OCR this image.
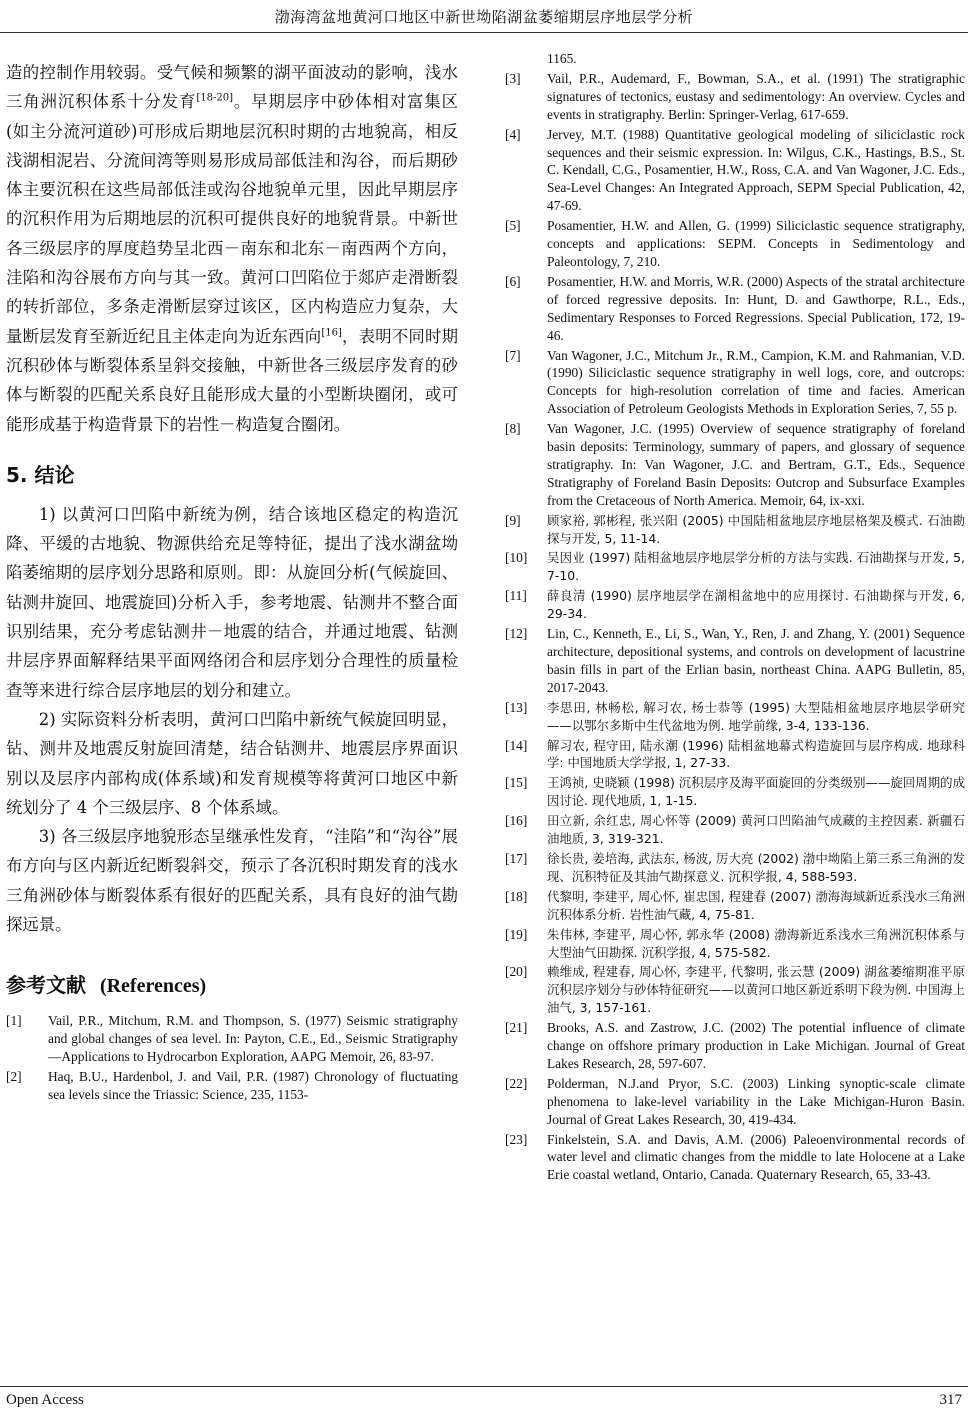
渤海湾盆地黄河口地区中新世坳陷湖盆萎缩期层序地层学分析

造的控制作用较弱。受气候和频繁的湖平面波动的影响，浅水三角洲沉积体系十分发育[18-20]。早期层序中砂体相对富集区(如主分流河道砂)可形成后期地层沉积时期的古地貌高，相反浅湖相泥岩、分流间湾等则易形成局部低洼和沟谷，而后期砂体主要沉积在这些局部低洼或沟谷地貌单元里，因此早期层序的沉积作用为后期地层的沉积可提供良好的地貌背景。中新世各三级层序的厚度趋势呈北西－南东和北东－南西两个方向，洼陷和沟谷展布方向与其一致。黄河口凹陷位于郯庐走滑断裂的转折部位，多条走滑断层穿过该区，区内构造应力复杂，大量断层发育至新近纪且主体走向为近东西向[16]，表明不同时期沉积砂体与断裂体系呈斜交接触，中新世各三级层序发育的砂体与断裂的匹配关系良好且能形成大量的小型断块圈闭，或可能形成基于构造背景下的岩性－构造复合圈闭。

5. 结论

1) 以黄河口凹陷中新统为例，结合该地区稳定的构造沉降、平缓的古地貌、物源供给充足等特征，提出了浅水湖盆坳陷萎缩期的层序划分思路和原则。即：从旋回分析(气候旋回、钻测井旋回、地震旋回)分析入手，参考地震、钻测井不整合面识别结果，充分考虑钻测井－地震的结合，并通过地震、钻测井层序界面解释结果平面网络闭合和层序划分合理性的质量检查等来进行综合层序地层的划分和建立。

2) 实际资料分析表明，黄河口凹陷中新统气候旋回明显，钻、测井及地震反射旋回清楚，结合钻测井、地震层序界面识别以及层序内部构成(体系域)和发育规模等将黄河口地区中新统划分了 4 个三级层序、8 个体系域。

3) 各三级层序地貌形态呈继承性发育，“洼陷”和“沟谷”展布方向与区内新近纪断裂斜交，预示了各沉积时期发育的浅水三角洲砂体与断裂体系有很好的匹配关系，具有良好的油气勘探远景。

参考文献 (References)
[1] Vail, P.R., Mitchum, R.M. and Thompson, S. (1977) Seismic stratigraphy and global changes of sea level. In: Payton, C.E., Ed., Seismic Stratigraphy—Applications to Hydrocarbon Exploration, AAPG Memoir, 26, 83-97.
[2] Haq, B.U., Hardenbol, J. and Vail, P.R. (1987) Chronology of fluctuating sea levels since the Triassic: Science, 235, 1153-
1165.
[3] Vail, P.R., Audemard, F., Bowman, S.A., et al. (1991) The stratigraphic signatures of tectonics, eustasy and sedimentology: An overview. Cycles and events in stratigraphy. Berlin: Springer-Verlag, 617-659.
[4] Jervey, M.T. (1988) Quantitative geological modeling of siliciclastic rock sequences and their seismic expression. In: Wilgus, C.K., Hastings, B.S., St. C. Kendall, C.G., Posamentier, H.W., Ross, C.A. and Van Wagoner, J.C. Eds., Sea-Level Changes: An Integrated Approach, SEPM Special Publication, 42, 47-69.
[5] Posamentier, H.W. and Allen, G. (1999) Siliciclastic sequence stratigraphy, concepts and applications: SEPM. Concepts in Sedimentology and Paleontology, 7, 210.
[6] Posamentier, H.W. and Morris, W.R. (2000) Aspects of the stratal architecture of forced regressive deposits. In: Hunt, D. and Gawthorpe, R.L., Eds., Sedimentary Responses to Forced Regressions. Special Publication, 172, 19-46.
[7] Van Wagoner, J.C., Mitchum Jr., R.M., Campion, K.M. and Rahmanian, V.D. (1990) Siliciclastic sequence stratigraphy in well logs, core, and outcrops: Concepts for high-resolution correlation of time and facies. American Association of Petroleum Geologists Methods in Exploration Series, 7, 55 p.
[8] Van Wagoner, J.C. (1995) Overview of sequence stratigraphy of foreland basin deposits: Terminology, summary of papers, and glossary of sequence stratigraphy. In: Van Wagoner, J.C. and Bertram, G.T., Eds., Sequence Stratigraphy of Foreland Basin Deposits: Outcrop and Subsurface Examples from the Cretaceous of North America. Memoir, 64, ix-xxi.
[9] 顾家裕, 郭彬程, 张兴阳 (2005) 中国陆相盆地层序地层格架及模式. 石油勘探与开发, 5, 11-14.
[10] 吴因业 (1997) 陆相盆地层序地层学分析的方法与实践. 石油勘探与开发, 5, 7-10.
[11] 薛良清 (1990) 层序地层学在湖相盆地中的应用探讨. 石油勘探与开发, 6, 29-34.
[12] Lin, C., Kenneth, E., Li, S., Wan, Y., Ren, J. and Zhang, Y. (2001) Sequence architecture, depositional systems, and controls on development of lacustrine basin fills in part of the Erlian basin, northeast China. AAPG Bulletin, 85, 2017-2043.
[13] 李思田, 林畅松, 解习农, 杨士恭等 (1995) 大型陆相盆地层序地层学研究——以鄂尔多斯中生代盆地为例. 地学前缘, 3-4, 133-136.
[14] 解习农, 程守田, 陆永潮 (1996) 陆相盆地幕式构造旋回与层序构成. 地球科学: 中国地质大学学报, 1, 27-33.
[15] 王鸿祯, 史晓颖 (1998) 沉积层序及海平面旋回的分类级别——旋回周期的成因讨论. 现代地质, 1, 1-15.
[16] 田立新, 余红忠, 周心怀等 (2009) 黄河口凹陷油气成藏的主控因素. 新疆石油地质, 3, 319-321.
[17] 徐长贵, 姜培海, 武法东, 杨波, 厉大亮 (2002) 渤中坳陷上第三系三角洲的发现、沉积特征及其油气勘探意义. 沉积学报, 4, 588-593.
[18] 代黎明, 李建平, 周心怀, 崔忠国, 程建春 (2007) 渤海海域新近系浅水三角洲沉积体系分析. 岩性油气藏, 4, 75-81.
[19] 朱伟林, 李建平, 周心怀, 郭永华 (2008) 渤海新近系浅水三角洲沉积体系与大型油气田勘探. 沉积学报, 4, 575-582.
[20] 赖维成, 程建春, 周心怀, 李建平, 代黎明, 张云慧 (2009) 湖盆萎缩期准平原沉积层序划分与砂体特征研究——以黄河口地区新近系明下段为例. 中国海上油气, 3, 157-161.
[21] Brooks, A.S. and Zastrow, J.C. (2002) The potential influence of climate change on offshore primary production in Lake Michigan. Journal of Great Lakes Research, 28, 597-607.
[22] Polderman, N.J.and Pryor, S.C. (2003) Linking synoptic-scale climate phenomena to lake-level variability in the Lake Michigan-Huron Basin. Journal of Great Lakes Research, 30, 419-434.
[23] Finkelstein, S.A. and Davis, A.M. (2006) Paleoenvironmental records of water level and climatic changes from the middle to late Holocene at a Lake Erie coastal wetland, Ontario, Canada. Quaternary Research, 65, 33-43.
Open Access	317
